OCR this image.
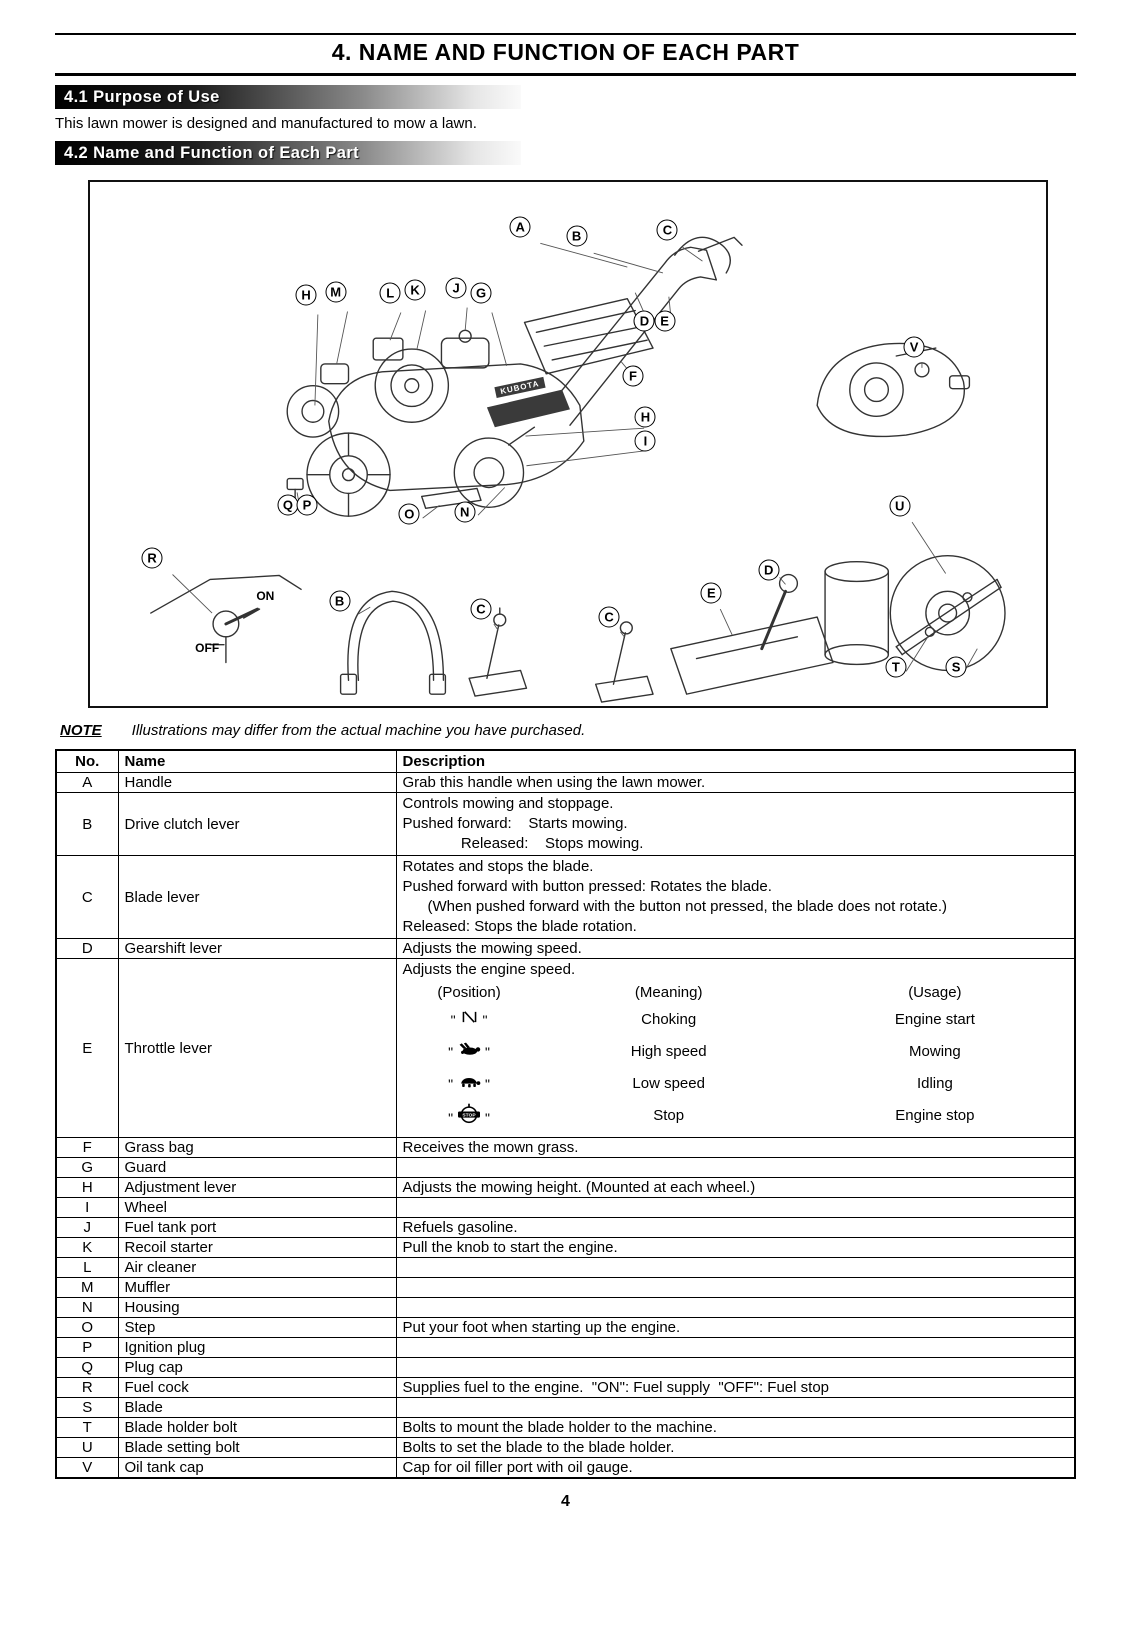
4. NAME AND FUNCTION OF EACH PART
4.1 Purpose of Use

This lawn mower is designed and manufactured to mow a lawn.

4.2 Name and Function of Each Part
KUBOTA
ON
OFF
A
B	C
H	M	L	K	J	G
D E
F
H
I
V
Q P
O	N
R
B
C
C
E
D
U
T	S
NOTE Illustrations may differ from the actual machine you have purchased.
No.	Name	Description
A	Handle	Grab this handle when using the lawn mower.
B	Drive clutch lever	Controls mowing and stoppage.
Pushed forward:    Starts mowing.
Released:    Stops mowing.

C	Blade lever	Rotates and stops the blade.
Pushed forward with button pressed: Rotates the blade.
(When pushed forward with the button not pressed, the blade does not rotate.)
Released: Stops the blade rotation.

D	Gearshift lever	Adjusts the mowing speed.
E	Throttle lever	
Adjusts the engine speed.
(Position)	(Meaning)	(Usage)
" "	Choking	Engine start
" "	High speed	Mowing
" "	Low speed	Idling
" STOP "	Stop	Engine stop

F	Grass bag	Receives the mown grass.
G	Guard	
H	Adjustment lever	Adjusts the mowing height. (Mounted at each wheel.)
I	Wheel	
J	Fuel tank port	Refuels gasoline.
K	Recoil starter	Pull the knob to start the engine.
L	Air cleaner	
M	Muffler	
N	Housing	
O	Step	Put your foot when starting up the engine.
P	Ignition plug	
Q	Plug cap	
R	Fuel cock	Supplies fuel to the engine.  "ON": Fuel supply  "OFF": Fuel stop
S	Blade	
T	Blade holder bolt	Bolts to mount the blade holder to the machine.
U	Blade setting bolt	Bolts to set the blade to the blade holder.
V	Oil tank cap	Cap for oil filler port with oil gauge.
4
